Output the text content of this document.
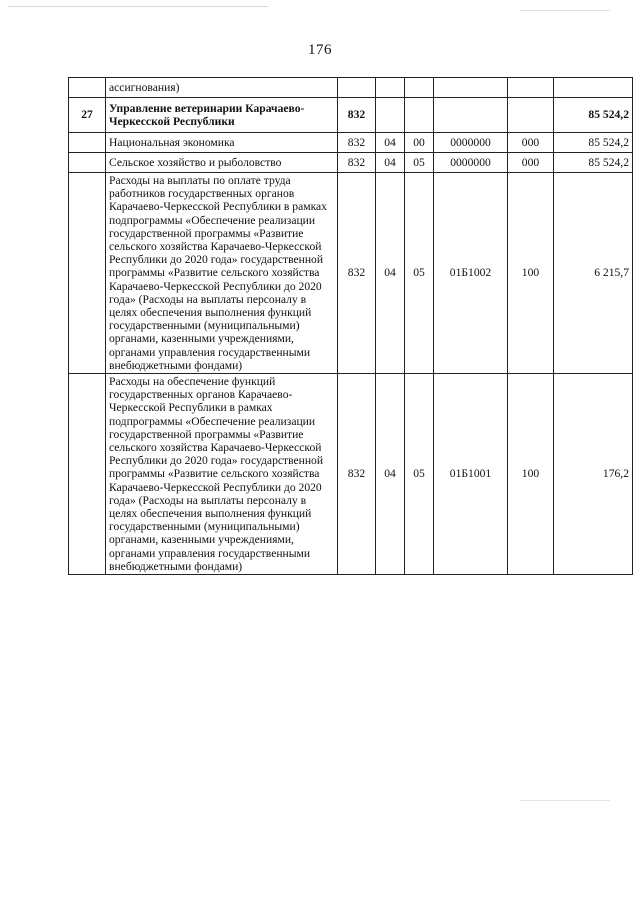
176
	ассигнования)						
27	Управление ветеринарии Карачаево-Черкесской Республики	832					85 524,2
	Национальная экономика	832	04	00	0000000	000	85 524,2
	Сельское хозяйство и рыболовство	832	04	05	0000000	000	85 524,2
	Расходы на выплаты по оплате труда работников государственных органов Карачаево-Черкесской Республики в рамках подпрограммы «Обеспечение реализации государственной программы «Развитие сельского хозяйства Карачаево-Черкесской Республики до 2020 года» государственной программы «Развитие сельского хозяйства Карачаево-Черкесской Республики до 2020 года» (Расходы на выплаты персоналу в целях обеспечения выполнения функций государственными (муниципальными) органами, казенными учреждениями, органами управления государственными внебюджетными фондами)	832	04	05	01Б1002	100	6 215,7
	Расходы на обеспечение функций государственных органов Карачаево-Черкесской Республики в рамках подпрограммы «Обеспечение реализации государственной программы «Развитие сельского хозяйства Карачаево-Черкесской Республики до 2020 года» государственной программы «Развитие сельского хозяйства Карачаево-Черкесской Республики до 2020 года» (Расходы на выплаты персоналу в целях обеспечения выполнения функций государственными (муниципальными) органами, казенными учреждениями, органами управления государственными внебюджетными фондами)	832	04	05	01Б1001	100	176,2
